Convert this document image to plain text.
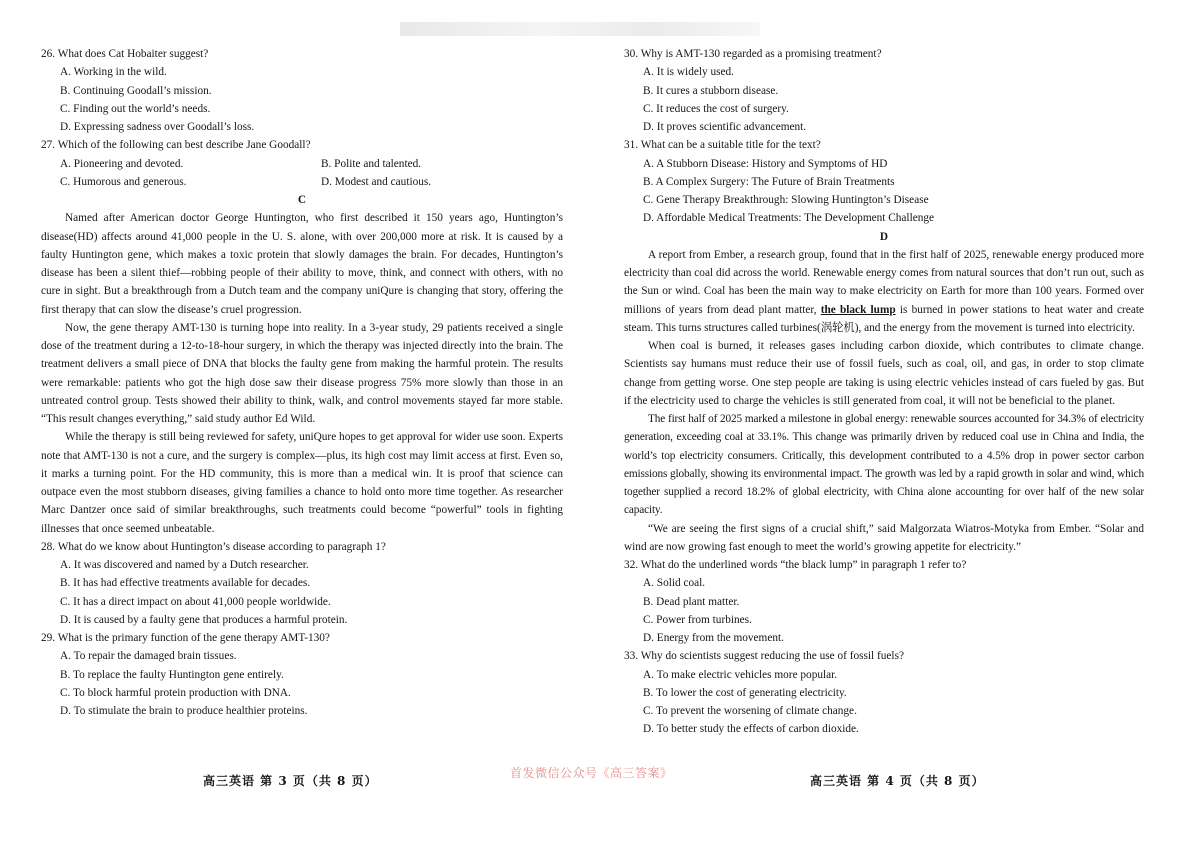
26. What does Cat Hobaiter suggest?

A. Working in the wild.

B. Continuing Goodall’s mission.

C. Finding out the world’s needs.

D. Expressing sadness over Goodall’s loss.

27. Which of the following can best describe Jane Goodall?

A. Pioneering and devoted.	B. Polite and talented.

C. Humorous and generous.	D. Modest and cautious.

C

Named after American doctor George Huntington, who first described it 150 years ago, Huntington’s disease(HD) affects around 41,000 people in the U. S. alone, with over 200,000 more at risk. It is caused by a faulty Huntington gene, which makes a toxic protein that slowly damages the brain. For decades, Huntington’s disease has been a silent thief—robbing people of their ability to move, think, and connect with others, with no cure in sight. But a breakthrough from a Dutch team and the company uniQure is changing that story, offering the first therapy that can slow the disease’s cruel progression.

Now, the gene therapy AMT-130 is turning hope into reality. In a 3-year study, 29 patients received a single dose of the treatment during a 12-to-18-hour surgery, in which the therapy was injected directly into the brain. The treatment delivers a small piece of DNA that blocks the faulty gene from making the harmful protein. The results were remarkable: patients who got the high dose saw their disease progress 75% more slowly than those in an untreated control group. Tests showed their ability to think, walk, and control movements stayed far more stable. “This result changes everything,” said study author Ed Wild.

While the therapy is still being reviewed for safety, uniQure hopes to get approval for wider use soon. Experts note that AMT-130 is not a cure, and the surgery is complex—plus, its high cost may limit access at first. Even so, it marks a turning point. For the HD community, this is more than a medical win. It is proof that science can outpace even the most stubborn diseases, giving families a chance to hold onto more time together. As researcher Marc Dantzer once said of similar breakthroughs, such treatments could become “powerful” tools in fighting illnesses that once seemed unbeatable.

28. What do we know about Huntington’s disease according to paragraph 1?

A. It was discovered and named by a Dutch researcher.

B. It has had effective treatments available for decades.

C. It has a direct impact on about 41,000 people worldwide.

D. It is caused by a faulty gene that produces a harmful protein.

29. What is the primary function of the gene therapy AMT-130?

A. To repair the damaged brain tissues.

B. To replace the faulty Huntington gene entirely.

C. To block harmful protein production with DNA.

D. To stimulate the brain to produce healthier proteins.

30. Why is AMT-130 regarded as a promising treatment?

A. It is widely used.

B. It cures a stubborn disease.

C. It reduces the cost of surgery.

D. It proves scientific advancement.

31. What can be a suitable title for the text?

A. A Stubborn Disease: History and Symptoms of HD

B. A Complex Surgery: The Future of Brain Treatments

C. Gene Therapy Breakthrough: Slowing Huntington’s Disease

D. Affordable Medical Treatments: The Development Challenge

D

A report from Ember, a research group, found that in the first half of 2025, renewable energy produced more electricity than coal did across the world. Renewable energy comes from natural sources that don’t run out, such as the Sun or wind. Coal has been the main way to make electricity on Earth for more than 100 years. Formed over millions of years from dead plant matter, the black lump is burned in power stations to heat water and create steam. This turns structures called turbines(涡轮机), and the energy from the movement is turned into electricity.

When coal is burned, it releases gases including carbon dioxide, which contributes to climate change. Scientists say humans must reduce their use of fossil fuels, such as coal, oil, and gas, in order to stop climate change from getting worse. One step people are taking is using electric vehicles instead of cars fueled by gas. But if the electricity used to charge the vehicles is still generated from coal, it will not be beneficial to the planet.

The first half of 2025 marked a milestone in global energy: renewable sources accounted for 34.3% of electricity generation, exceeding coal at 33.1%. This change was primarily driven by reduced coal use in China and India, the world’s top electricity consumers. Critically, this development contributed to a 4.5% drop in power sector carbon emissions globally, showing its environmental impact. The growth was led by a rapid growth in solar and wind, which together supplied a record 18.2% of global electricity, with China alone accounting for over half of the new solar capacity.

“We are seeing the first signs of a crucial shift,” said Malgorzata Wiatros-Motyka from Ember. “Solar and wind are now growing fast enough to meet the world’s growing appetite for electricity.”

32. What do the underlined words “the black lump” in paragraph 1 refer to?

A. Solid coal.

B. Dead plant matter.

C. Power from turbines.

D. Energy from the movement.

33. Why do scientists suggest reducing the use of fossil fuels?

A. To make electric vehicles more popular.

B. To lower the cost of generating electricity.

C. To prevent the worsening of climate change.

D. To better study the effects of carbon dioxide.

首发微信公众号《高三答案》
高三英语 第 3 页（共 8 页）	高三英语 第 4 页（共 8 页）
